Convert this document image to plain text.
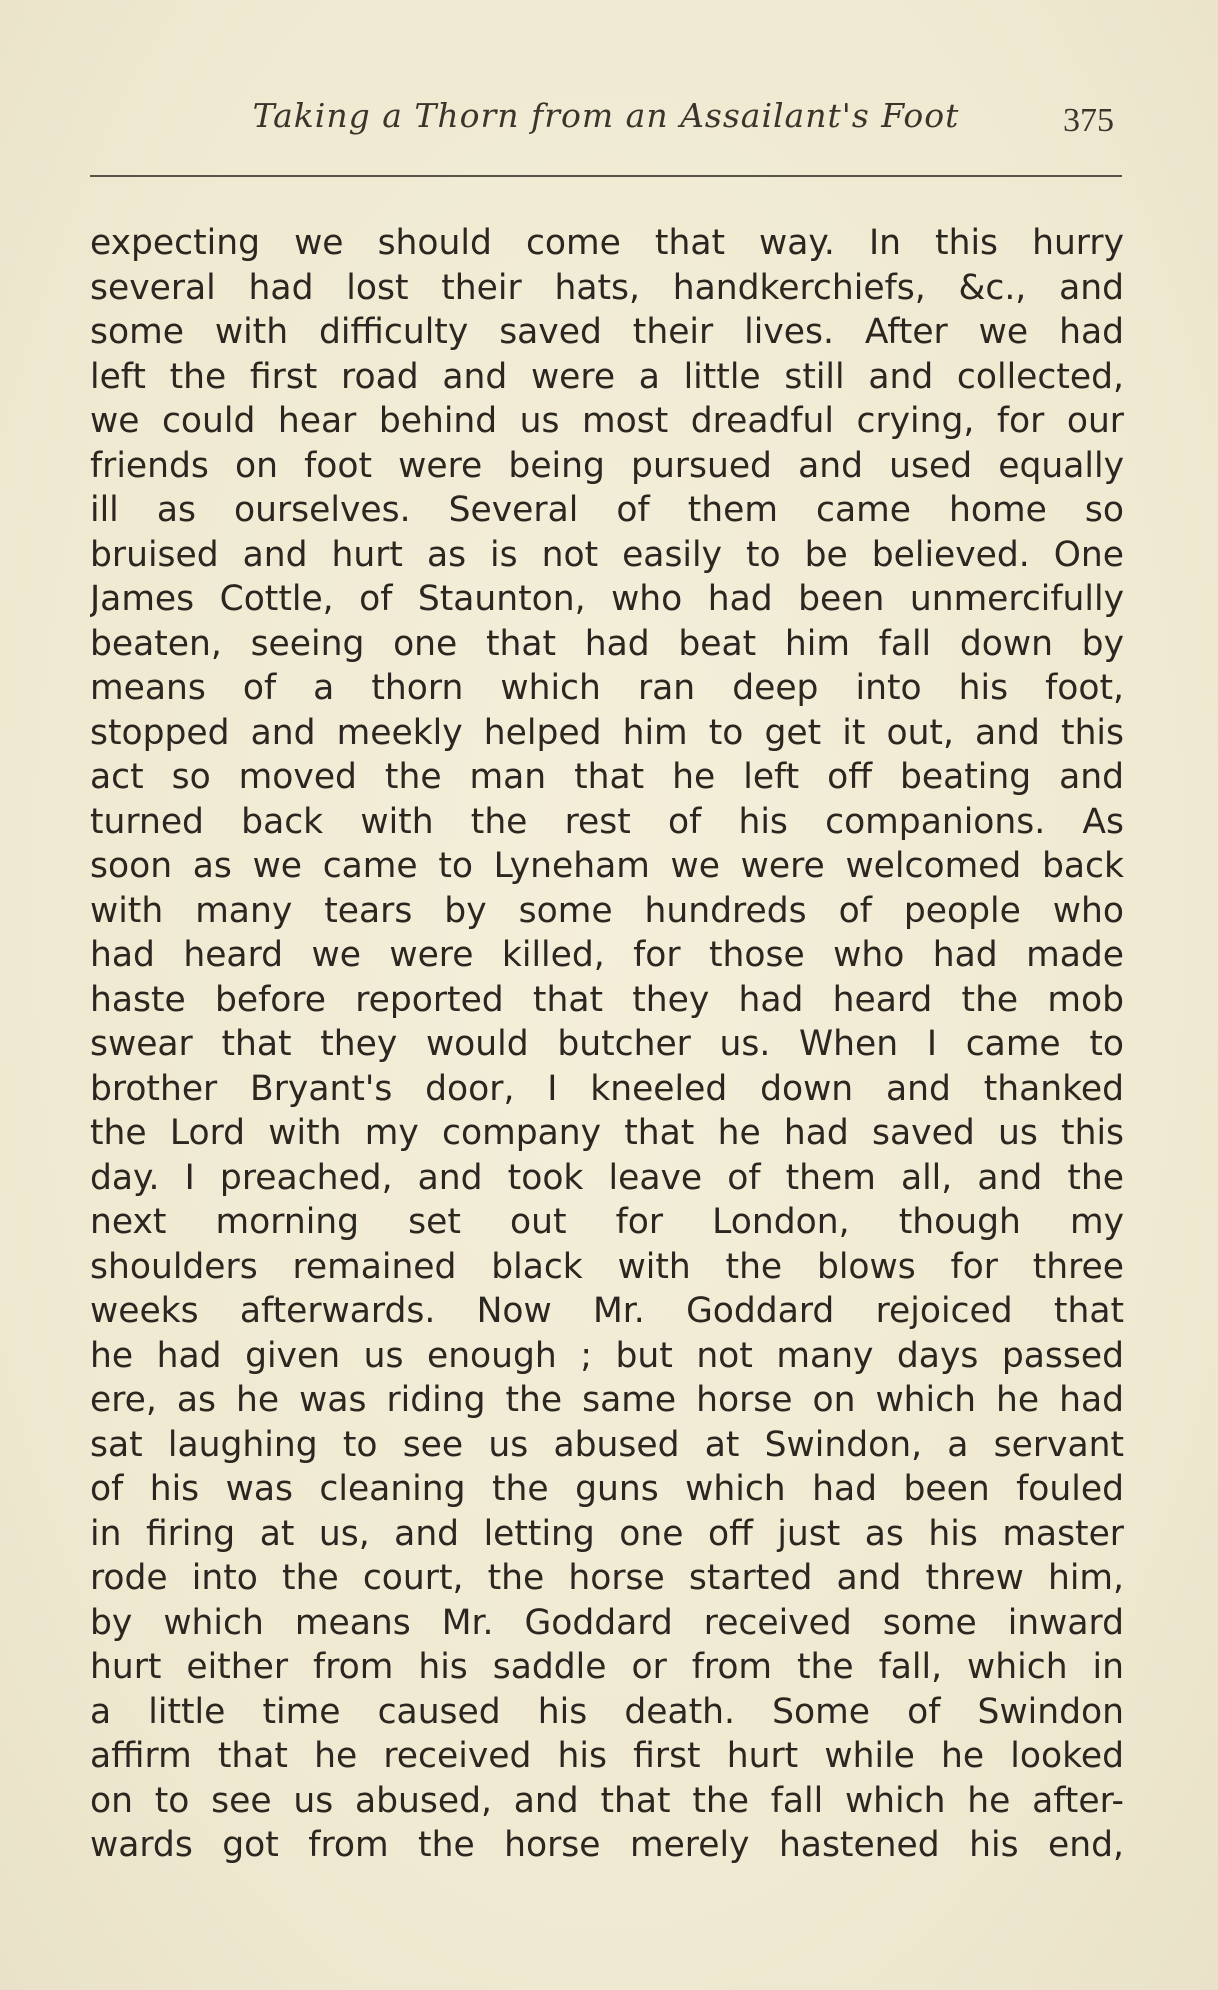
Taking a Thorn from an Assailant's Foot	375
expecting we should come that way. In this hurry
several had lost their hats, handkerchiefs, &c., and
some with difficulty saved their lives. After we had
left the first road and were a little still and collected,
we could hear behind us most dreadful crying, for our
friends on foot were being pursued and used equally
ill as ourselves. Several of them came home so
bruised and hurt as is not easily to be believed. One
James Cottle, of Staunton, who had been unmercifully
beaten, seeing one that had beat him fall down by
means of a thorn which ran deep into his foot,
stopped and meekly helped him to get it out, and this
act so moved the man that he left off beating and
turned back with the rest of his companions. As
soon as we came to Lyneham we were welcomed back
with many tears by some hundreds of people who
had heard we were killed, for those who had made
haste before reported that they had heard the mob
swear that they would butcher us. When I came to
brother Bryant's door, I kneeled down and thanked
the Lord with my company that he had saved us this
day. I preached, and took leave of them all, and the
next morning set out for London, though my
shoulders remained black with the blows for three
weeks afterwards. Now Mr. Goddard rejoiced that
he had given us enough ; but not many days passed
ere, as he was riding the same horse on which he had
sat laughing to see us abused at Swindon, a servant
of his was cleaning the guns which had been fouled
in firing at us, and letting one off just as his master
rode into the court, the horse started and threw him,
by which means Mr. Goddard received some inward
hurt either from his saddle or from the fall, which in
a little time caused his death. Some of Swindon
affirm that he received his first hurt while he looked
on to see us abused, and that the fall which he after-
wards got from the horse merely hastened his end,
